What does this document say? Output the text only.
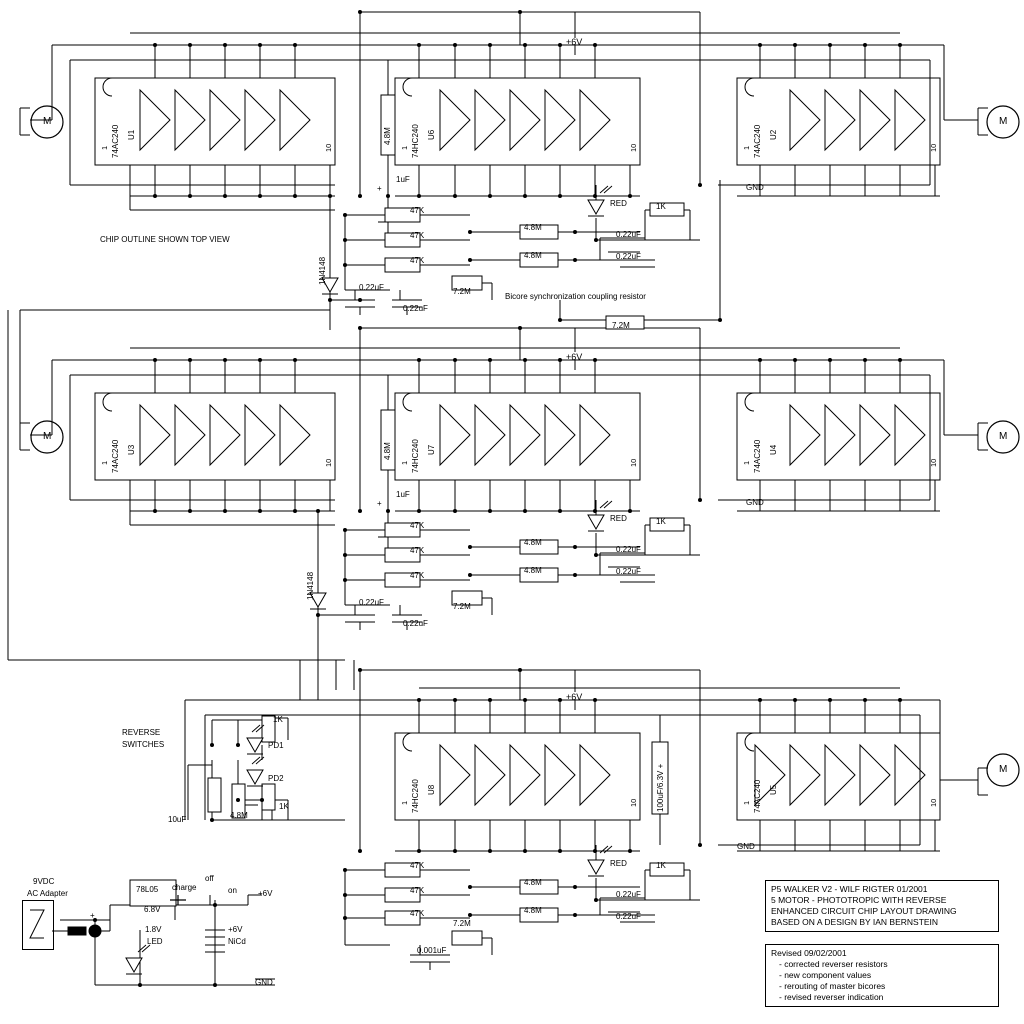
M	M
M	M
M
74AC240 U1
1	10	74HC240 U6
1	10	74AC240 U2
1	10
74AC240 U3
1	10	74HC240 U7
1	10	74AC240 U4
1	10
74HC240 U8
1	10	74AC240 U5
1	10
+6V
+6V
+6V
GND
GND
GND
4.8M
1uF
+
47K
47K
47K
4.8M
4.8M
7.2M
1K
0.22uF
0.22uF
0.22uF
0.22uF
1N4148
RED
CHIP OUTLINE SHOWN TOP VIEW
Bicore synchronization coupling resistor
7.2M
4.8M
1uF
+
47K
47K
47K
4.8M
4.8M
7.2M
1K
0.22uF
0.22uF
0.22uF
0.22uF
1N4148
RED
47K
47K
47K
4.8M
4.8M
7.2M
1K
0.001uF
0.22uF
0.22uF
RED
100uF/6.3V +
REVERSE
SWITCHES
1K
1K
PD1
PD2
10uF	4.8M
9VDC
AC Adapter	78L05
6.8V
charge
off
on	+6V
1.8V
LED
+6V
NiCd
GND
+
P5 WALKER V2 - WILF RIGTER 01/2001
5 MOTOR - PHOTOTROPIC WITH REVERSE
ENHANCED CIRCUIT CHIP LAYOUT DRAWING
BASED ON A DESIGN BY IAN BERNSTEIN
Revised 09/02/2001
- corrected reverser resistors
- new component values
- rerouting of master bicores
- revised reverser indication
